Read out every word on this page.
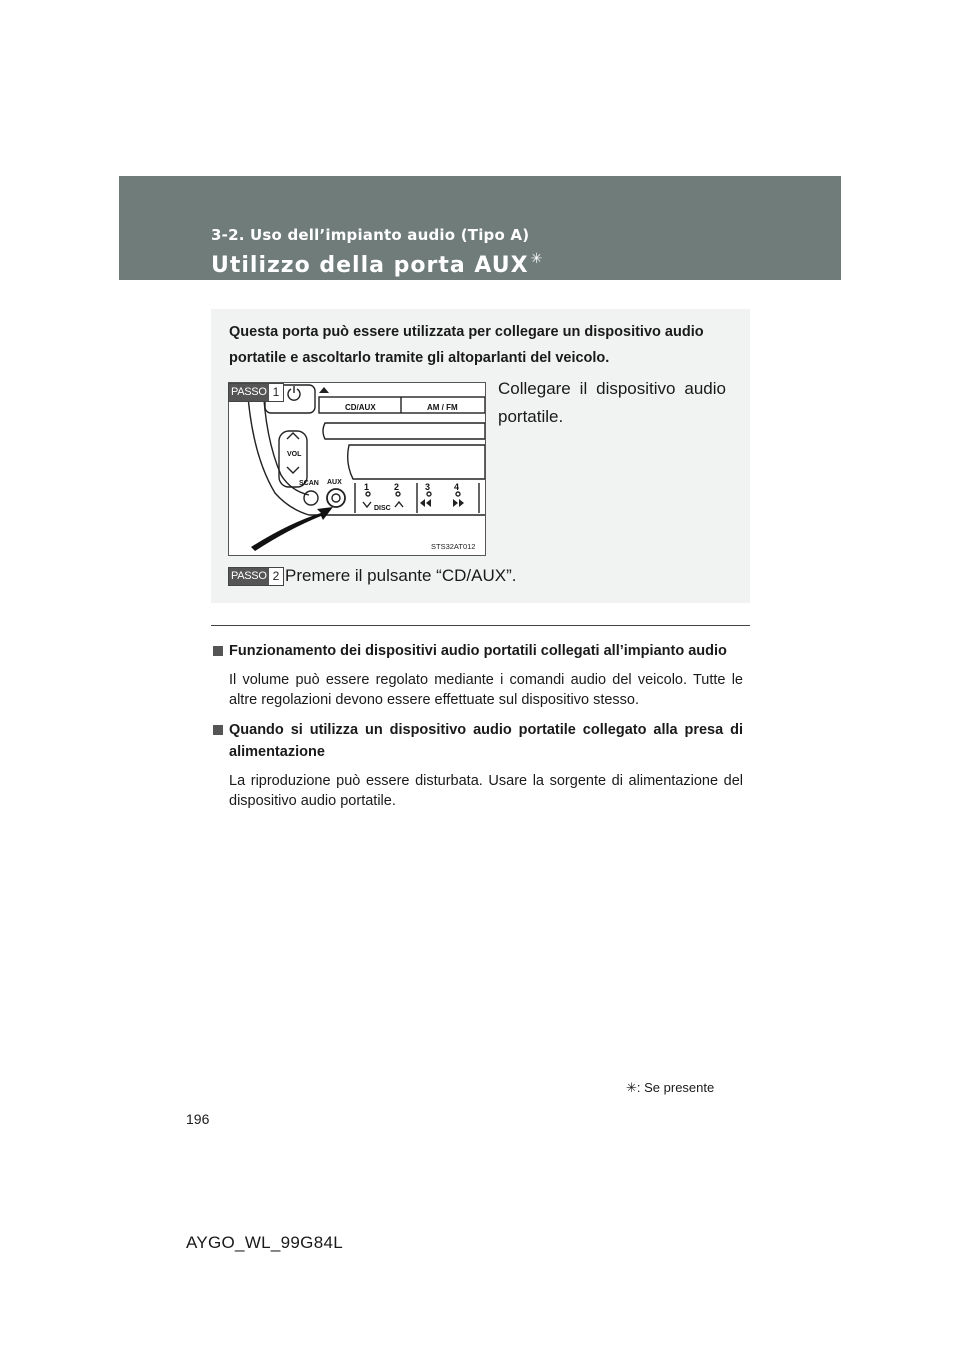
3-2. Uso dell’impianto audio (Tipo A)
Utilizzo della porta AUX ✳
Questa porta può essere utilizzata per collegare un dispositivo audio portatile e ascoltarlo tramite gli altoparlanti del veicolo.
CD/AUX	AM / FM
VOL
SCAN AUX
DISC
1	2	3	4
STS32AT012
PASSO 1	Collegare il dispositivo audio portatile.
PASSO 2 Premere il pulsante “CD/AUX”.
Funzionamento dei dispositivi audio portatili collegati all’impianto audio
Il volume può essere regolato mediante i comandi audio del veicolo. Tutte le altre regolazioni devono essere effettuate sul dispositivo stesso.
Quando si utilizza un dispositivo audio portatile collegato alla presa di alimentazione
La riproduzione può essere disturbata. Usare la sorgente di alimentazione del dispositivo audio portatile.
✳: Se presente
196
AYGO_WL_99G84L
